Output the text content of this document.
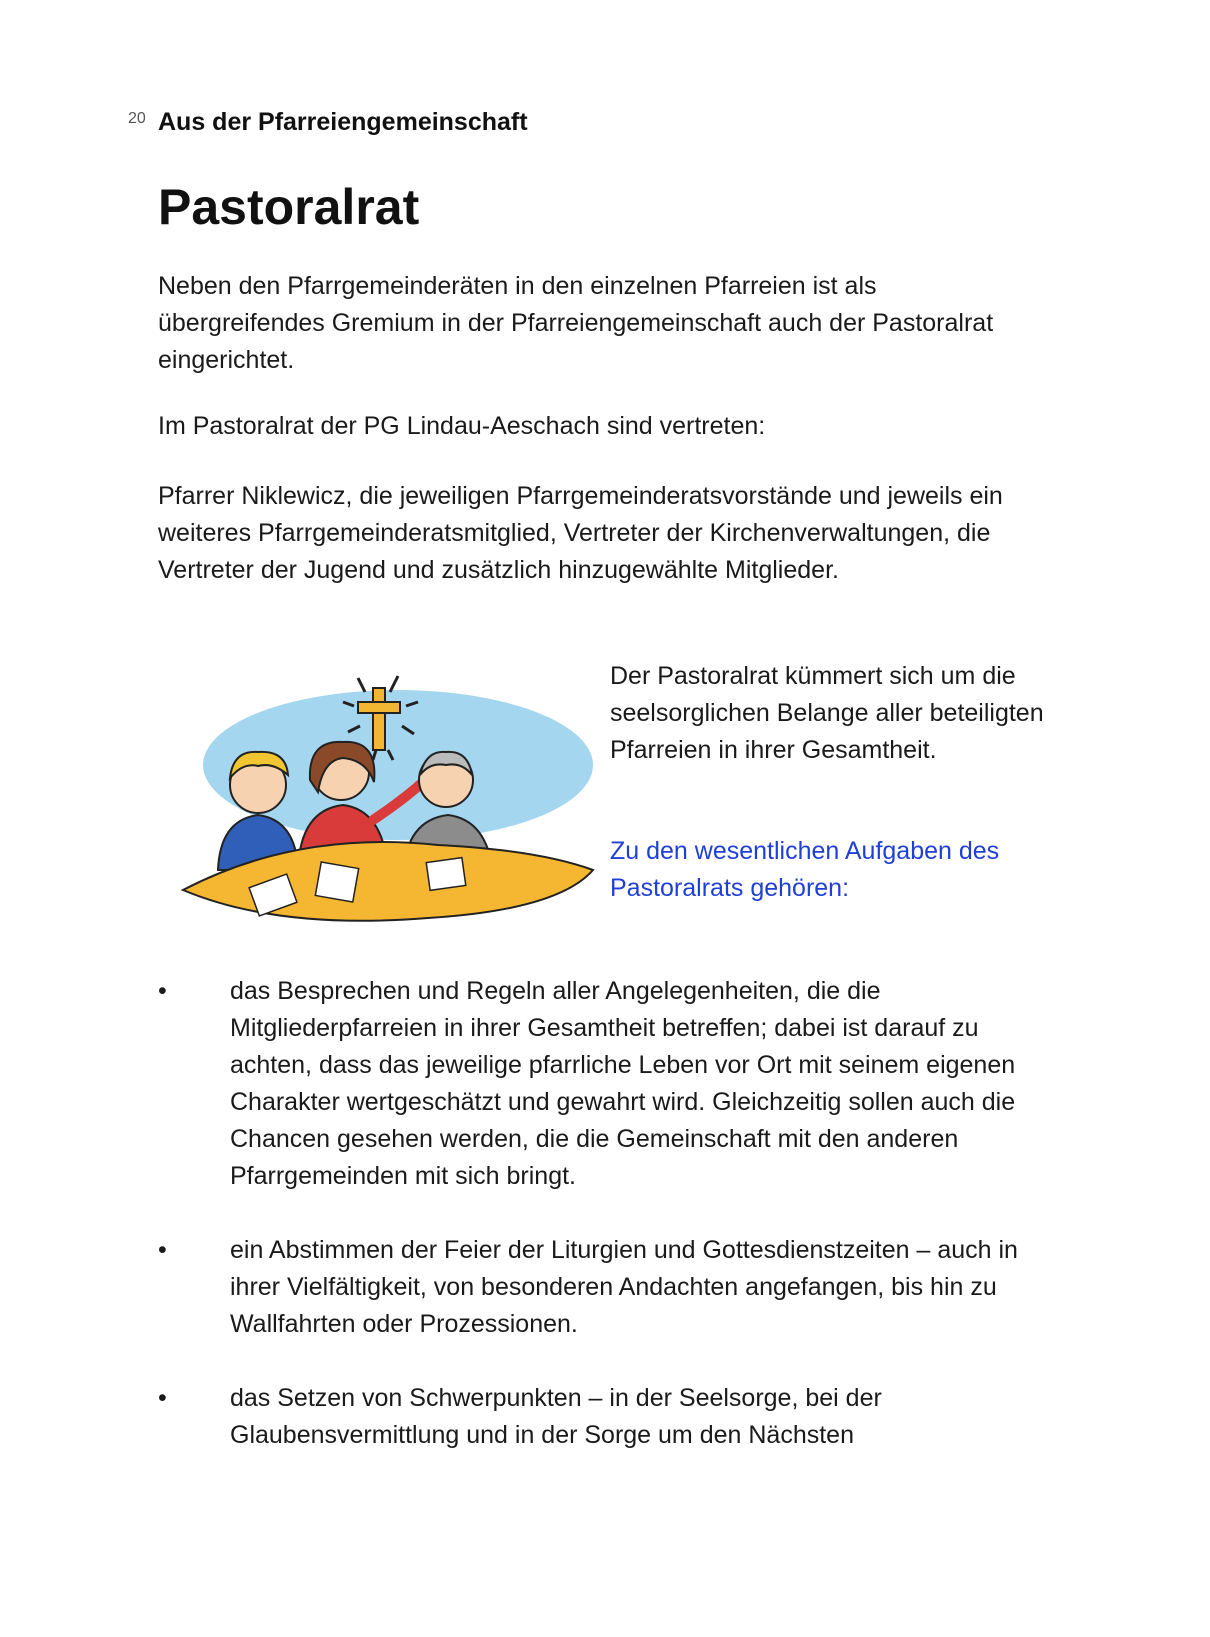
20 Aus der Pfarreiengemeinschaft
Pastoralrat

Neben den Pfarrgemeinderäten in den einzelnen Pfarreien ist als übergreifendes Gremium in der Pfarreiengemeinschaft auch der Pastoralrat eingerichtet.

Im Pastoralrat der PG Lindau-Aeschach sind vertreten:

Pfarrer Niklewicz, die jeweiligen Pfarrgemeinderatsvorstände und jeweils ein weiteres Pfarrgemeinderatsmitglied, Vertreter der Kirchenverwaltungen, die Vertreter der Jugend und zusätzlich hinzugewählte Mitglieder.

Der Pastoralrat kümmert sich um die seelsorglichen Belange aller beteiligten Pfarreien in ihrer Gesamtheit.

Zu den wesentlichen Aufgaben des Pastoralrats gehören:

•	das Besprechen und Regeln aller Angelegenheiten, die die Mitgliederpfarreien in ihrer Gesamtheit betreffen; dabei ist darauf zu achten, dass das jeweilige pfarrliche Leben vor Ort mit seinem eigenen Charakter wertgeschätzt und gewahrt wird. Gleichzeitig sollen auch die Chancen gesehen werden, die die Gemeinschaft mit den anderen Pfarrgemeinden mit sich bringt.
•	ein Abstimmen der Feier der Liturgien und Gottesdienstzeiten – auch in ihrer Vielfältigkeit, von besonderen Andachten angefangen, bis hin zu Wallfahrten oder Prozessionen.
•	das Setzen von Schwerpunkten – in der Seelsorge, bei der Glaubensvermittlung und in der Sorge um den Nächsten
